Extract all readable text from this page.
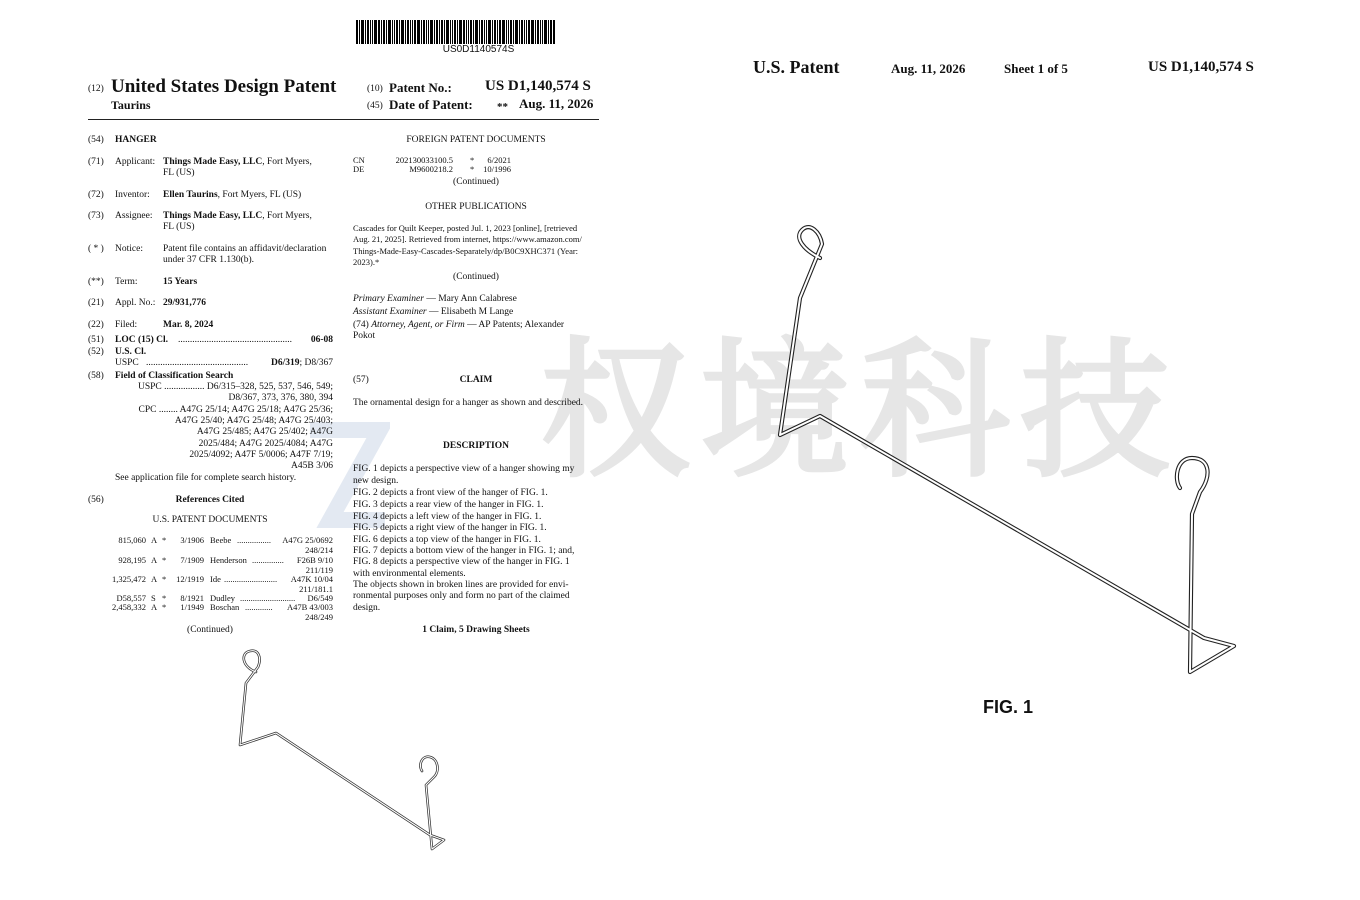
权境科技
US0D1140574S
(12) United States Design Patent	(10) Patent No.: US D1,140,574 S
Taurins	(45) Date of Patent: ** Aug. 11, 2026
(54) HANGER
(71) Applicant: Things Made Easy, LLC, Fort Myers,
FL (US)
(72) Inventor: Ellen Taurins, Fort Myers, FL (US)
(73) Assignee: Things Made Easy, LLC, Fort Myers,
FL (US)
( * ) Notice: Patent file contains an affidavit/declaration
under 37 CFR 1.130(b).
(**) Term:	15 Years
(21) Appl. No.: 29/931,776
(22) Filed:	Mar. 8, 2024
(51) LOC (15) Cl. ................................................	06-08
(52) U.S. Cl.
USPC ...........................................	D6/319; D8/367
(58) Field of Classification Search
USPC ................. D6/315–328, 525, 537, 546, 549;
D8/367, 373, 376, 380, 394
CPC ........ A47G 25/14; A47G 25/18; A47G 25/36;
A47G 25/40; A47G 25/48; A47G 25/403;
A47G 25/485; A47G 25/402; A47G
2025/484; A47G 2025/4084; A47G
2025/4092; A47F 5/0006; A47F 7/19;
A45B 3/06
See application file for complete search history.
(56)	References Cited
U.S. PATENT DOCUMENTS
815,060 A *	3/1906 Beebe ................	A47G 25/0692
248/214
928,195 A *	7/1909 Henderson ...............	F26B 9/10
211/119
1,325,472 A *	12/1919 Ide .........................	A47K 10/04
211/181.1
D58,557 S *	8/1921 Dudley ..........................	D6/549
2,458,332 A *	1/1949 Boschan .............	A47B 43/003
248/249
(Continued)
FOREIGN PATENT DOCUMENTS
CN	202130033100.5 *	6/2021
DE	M9600218.2 *	10/1996
(Continued)
OTHER PUBLICATIONS
Cascades for Quilt Keeper, posted Jul. 1, 2023 [online], [retrieved
Aug. 21, 2025]. Retrieved from internet, https://www.amazon.com/
Things-Made-Easy-Cascades-Separately/dp/B0C9XHC371 (Year:
2023).*
(Continued)
Primary Examiner — Mary Ann Calabrese
Assistant Examiner — Elisabeth M Lange
(74) Attorney, Agent, or Firm — AP Patents; Alexander
Pokot
(57)	CLAIM
The ornamental design for a hanger as shown and described.
DESCRIPTION
FIG. 1 depicts a perspective view of a hanger showing my
new design.
FIG. 2 depicts a front view of the hanger of FIG. 1.
FIG. 3 depicts a rear view of the hanger in FIG. 1.
FIG. 4 depicts a left view of the hanger in FIG. 1.
FIG. 5 depicts a right view of the hanger in FIG. 1.
FIG. 6 depicts a top view of the hanger in FIG. 1.
FIG. 7 depicts a bottom view of the hanger in FIG. 1; and,
FIG. 8 depicts a perspective view of the hanger in FIG. 1
with environmental elements.
The objects shown in broken lines are provided for envi-
ronmental purposes only and form no part of the claimed
design.
1 Claim, 5 Drawing Sheets
U.S. Patent	Aug. 11, 2026	Sheet 1 of 5	US D1,140,574 S
FIG. 1
